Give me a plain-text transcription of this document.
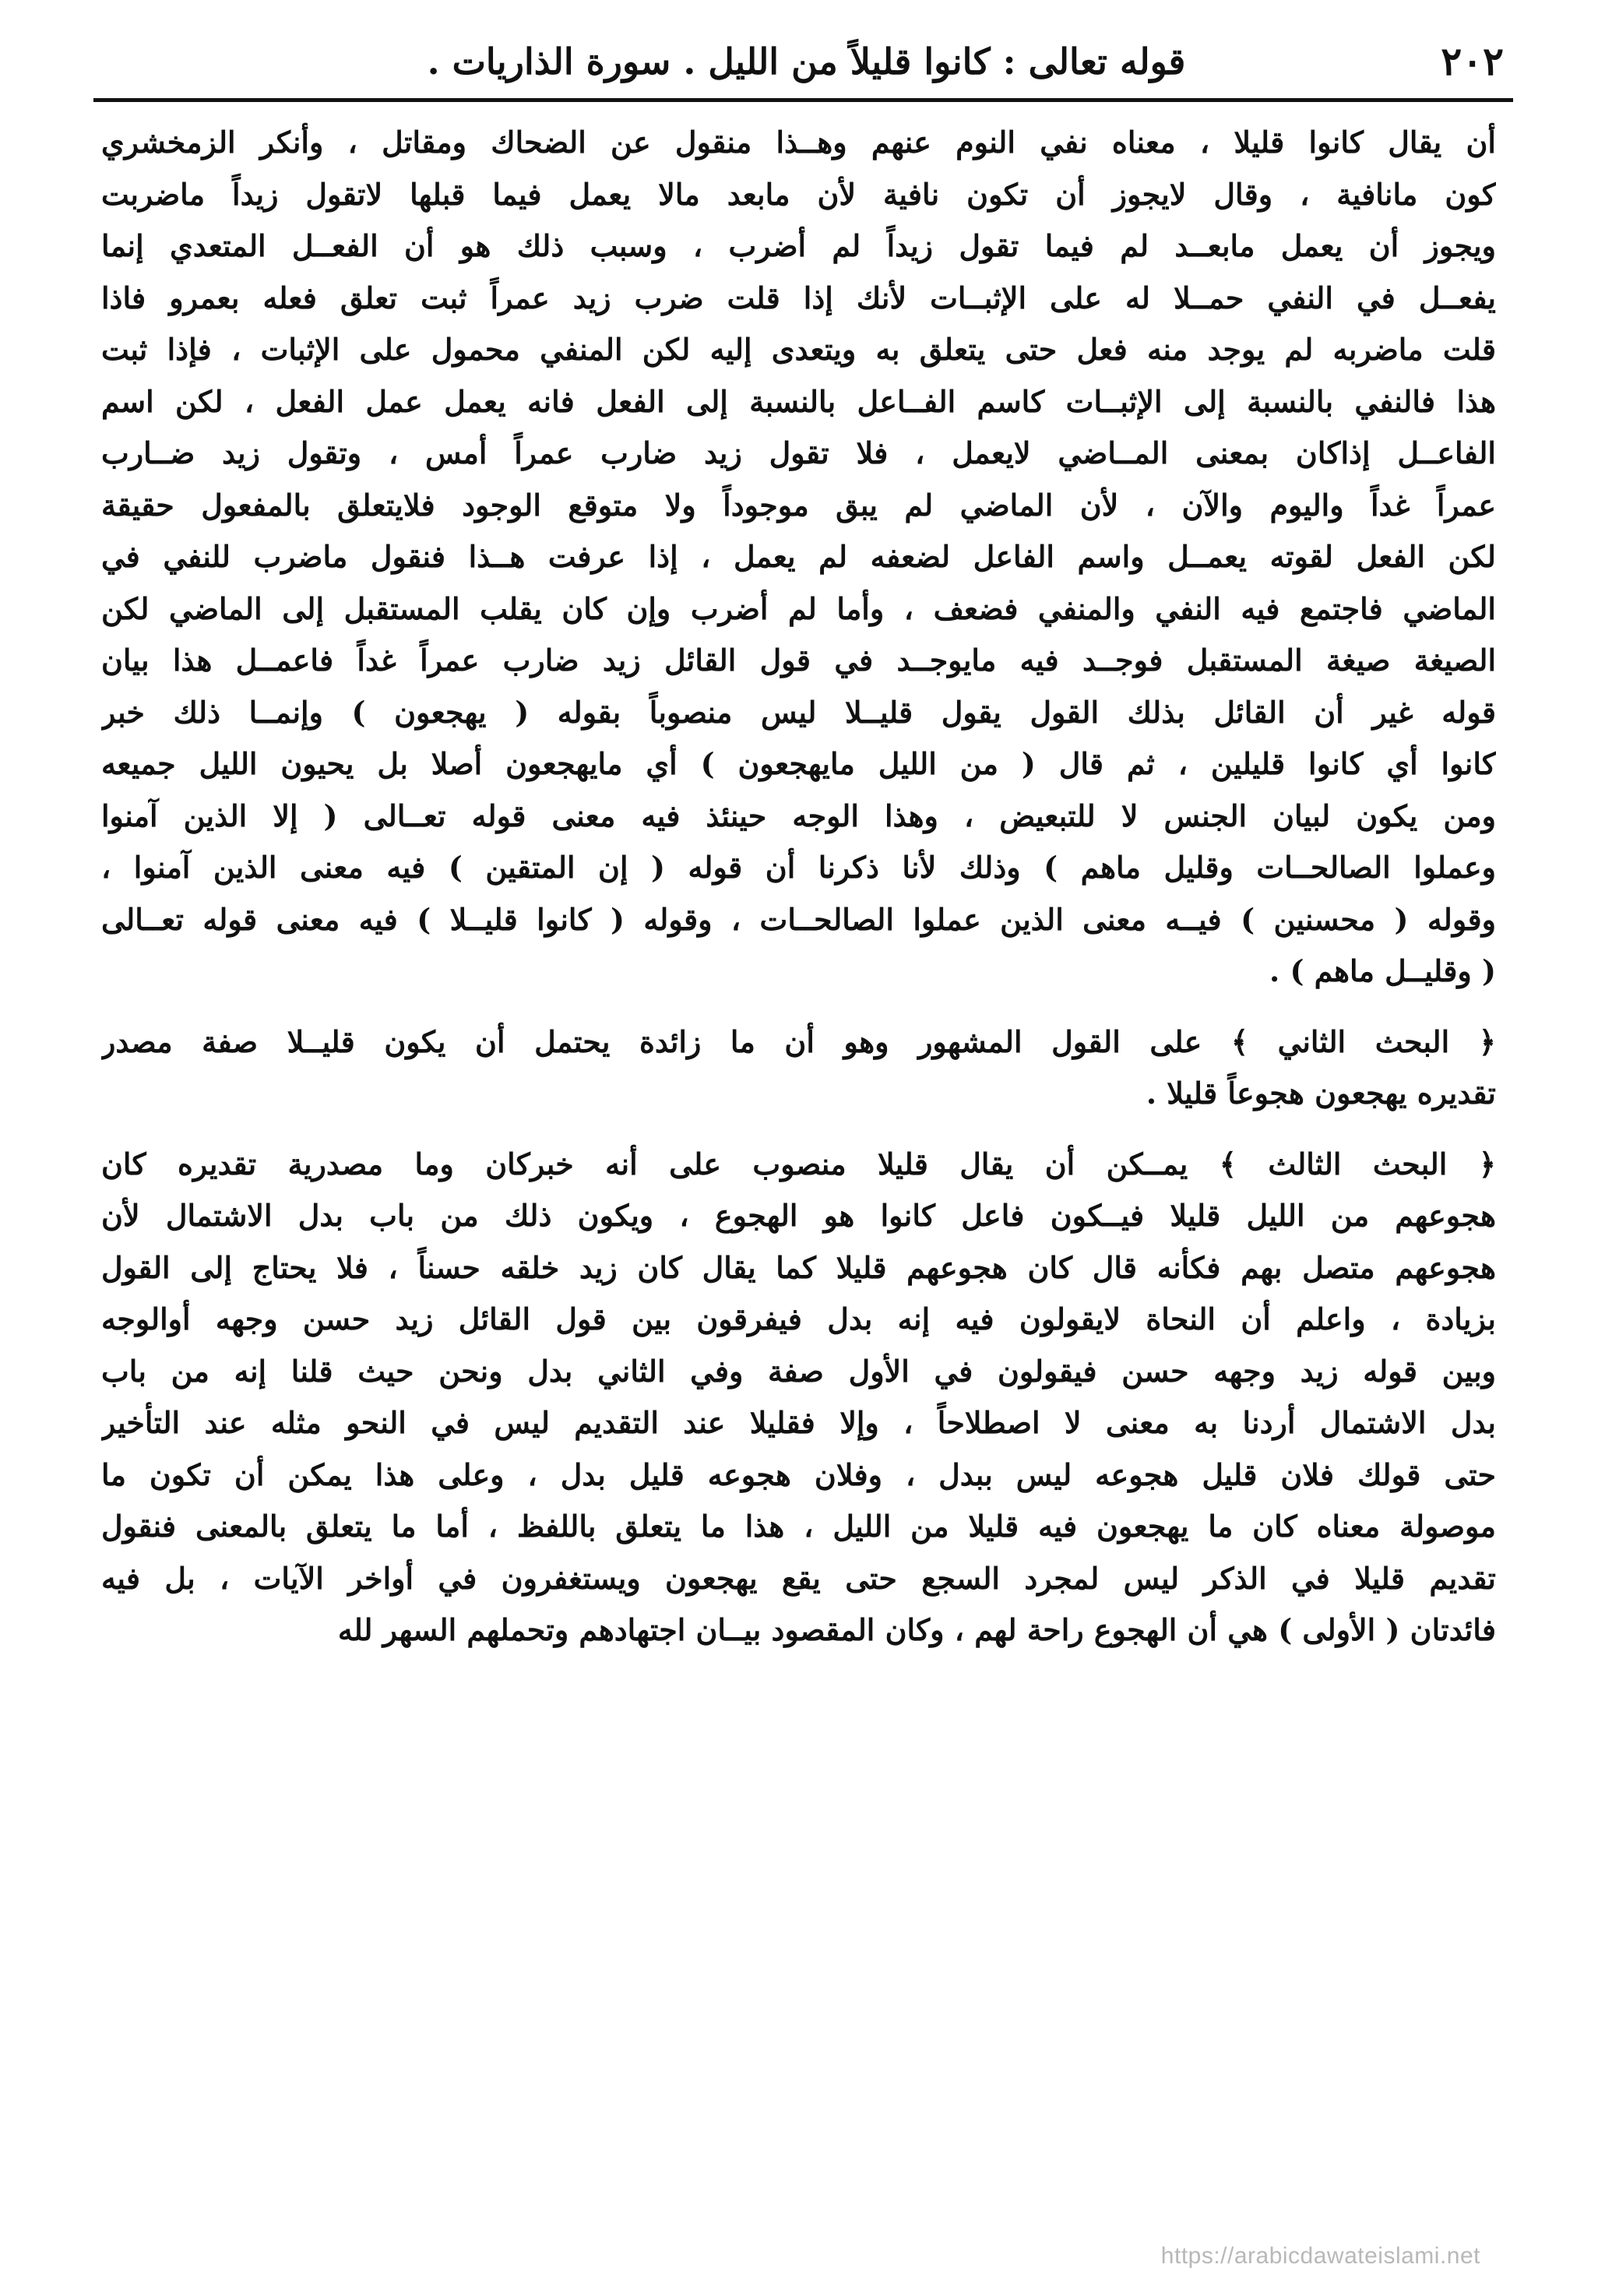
٢٠٢
قوله تعالى : كانوا قليلاً من الليل . سورة الذاريات .
أن يقال كانوا قليلا ، معناه نفي النوم عنهم وهــذا منقول عن الضحاك ومقاتل ، وأنكر الزمخشري
كون مانافية ، وقال لايجوز أن تكون نافية لأن مابعد مالا يعمل فيما قبلها لاتقول زيداً ماضربت
ويجوز أن يعمل مابعــد لم فيما تقول زيداً لم أضرب ، وسبب ذلك هو أن الفعــل المتعدي إنما
يفعــل في النفي حمــلا له على الإثبــات لأنك إذا قلت ضرب زيد عمراً ثبت تعلق فعله بعمرو فاذا
قلت ماضربه لم يوجد منه فعل حتى يتعلق به ويتعدى إليه لكن المنفي محمول على الإثبات ، فإذا ثبت
هذا فالنفي بالنسبة إلى الإثبــات كاسم الفــاعل بالنسبة إلى الفعل فانه يعمل عمل الفعل ، لكن اسم
الفاعــل إذاكان بمعنى المــاضي لايعمل ، فلا تقول زيد ضارب عمراً أمس ، وتقول زيد ضــارب
عمراً غداً واليوم والآن ، لأن الماضي لم يبق موجوداً ولا متوقع الوجود فلايتعلق بالمفعول حقيقة
لكن الفعل لقوته يعمــل واسم الفاعل لضعفه لم يعمل ، إذا عرفت هــذا فنقول ماضرب للنفي في
الماضي فاجتمع فيه النفي والمنفي فضعف ، وأما لم أضرب وإن كان يقلب المستقبل إلى الماضي لكن
الصيغة صيغة المستقبل فوجــد فيه مايوجــد في قول القائل زيد ضارب عمراً غداً فاعمــل هذا بيان
قوله غير أن القائل بذلك القول يقول قليــلا ليس منصوباً بقوله ( يهجعون ) وإنمــا ذلك خبر
كانوا أي كانوا قليلين ، ثم قال ( من الليل مايهجعون ) أي مايهجعون أصلا بل يحيون الليل جميعه
ومن يكون لبيان الجنس لا للتبعيض ، وهذا الوجه حينئذ فيه معنى قوله تعــالى ( إلا الذين آمنوا
وعملوا الصالحــات وقليل ماهم ) وذلك لأنا ذكرنا أن قوله ( إن المتقين ) فيه معنى الذين آمنوا ،
وقوله ( محسنين ) فيــه معنى الذين عملوا الصالحــات ، وقوله ( كانوا قليــلا ) فيه معنى قوله تعــالى
( وقليــل ماهم ) .
﴿ البحث الثاني ﴾ على القول المشهور وهو أن ما زائدة يحتمل أن يكون قليــلا صفة مصدر
تقديره يهجعون هجوعاً قليلا .
﴿ البحث الثالث ﴾ يمــكن أن يقال قليلا منصوب على أنه خبركان وما مصدرية تقديره كان
هجوعهم من الليل قليلا فيــكون فاعل كانوا هو الهجوع ، ويكون ذلك من باب بدل الاشتمال لأن
هجوعهم متصل بهم فكأنه قال كان هجوعهم قليلا كما يقال كان زيد خلقه حسناً ، فلا يحتاج إلى القول
بزيادة ، واعلم أن النحاة لايقولون فيه إنه بدل فيفرقون بين قول القائل زيد حسن وجهه أوالوجه
وبين قوله زيد وجهه حسن فيقولون في الأول صفة وفي الثاني بدل ونحن حيث قلنا إنه من باب
بدل الاشتمال أردنا به معنى لا اصطلاحاً ، وإلا فقليلا عند التقديم ليس في النحو مثله عند التأخير
حتى قولك فلان قليل هجوعه ليس ببدل ، وفلان هجوعه قليل بدل ، وعلى هذا يمكن أن تكون ما
موصولة معناه كان ما يهجعون فيه قليلا من الليل ، هذا ما يتعلق باللفظ ، أما ما يتعلق بالمعنى فنقول
تقديم قليلا في الذكر ليس لمجرد السجع حتى يقع يهجعون ويستغفرون في أواخر الآيات ، بل فيه
فائدتان ( الأولى ) هي أن الهجوع راحة لهم ، وكان المقصود بيــان اجتهادهم وتحملهم السهر لله
https://arabicdawateislami.net
